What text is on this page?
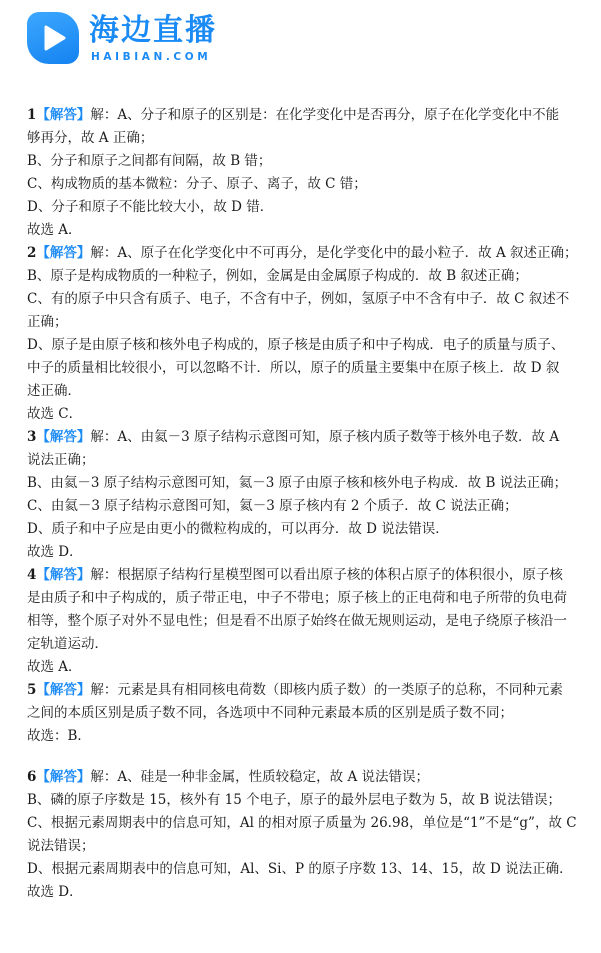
海边直播
HAIBIAN.COM
1【解答】解：A、分子和原子的区别是：在化学变化中是否再分，原子在化学变化中不能
够再分，故 A 正确；
B、分子和原子之间都有间隔，故 B 错；
C、构成物质的基本微粒：分子、原子、离子，故 C 错；
D、分子和原子不能比较大小，故 D 错．
故选 A．
2【解答】解：A、原子在化学变化中不可再分，是化学变化中的最小粒子．故 A 叙述正确；
B、原子是构成物质的一种粒子，例如，金属是由金属原子构成的．故 B 叙述正确；
C、有的原子中只含有质子、电子，不含有中子，例如，氢原子中不含有中子．故 C 叙述不
正确；
D、原子是由原子核和核外电子构成的，原子核是由质子和中子构成．电子的质量与质子、
中子的质量相比较很小，可以忽略不计．所以，原子的质量主要集中在原子核上．故 D 叙
述正确．
故选 C．
3【解答】解：A、由氦－3 原子结构示意图可知，原子核内质子数等于核外电子数．故 A
说法正确；
B、由氦－3 原子结构示意图可知，氦－3 原子由原子核和核外电子构成．故 B 说法正确；
C、由氦－3 原子结构示意图可知，氦－3 原子核内有 2 个质子．故 C 说法正确；
D、质子和中子应是由更小的微粒构成的，可以再分．故 D 说法错误．
故选 D．
4【解答】解：根据原子结构行星模型图可以看出原子核的体积占原子的体积很小，原子核
是由质子和中子构成的，质子带正电，中子不带电；原子核上的正电荷和电子所带的负电荷
相等，整个原子对外不显电性；但是看不出原子始终在做无规则运动，是电子绕原子核沿一
定轨道运动．
故选 A．
5【解答】解：元素是具有相同核电荷数（即核内质子数）的一类原子的总称，不同种元素
之间的本质区别是质子数不同，各选项中不同种元素最本质的区别是质子数不同；
故选：B．
6【解答】解：A、硅是一种非金属，性质较稳定，故 A 说法错误；
B、磷的原子序数是 15，核外有 15 个电子，原子的最外层电子数为 5，故 B 说法错误；
C、根据元素周期表中的信息可知，Al 的相对原子质量为 26.98，单位是“1”不是“g”，故 C
说法错误；
D、根据元素周期表中的信息可知，Al、Si、P 的原子序数 13、14、15，故 D 说法正确．
故选 D．
